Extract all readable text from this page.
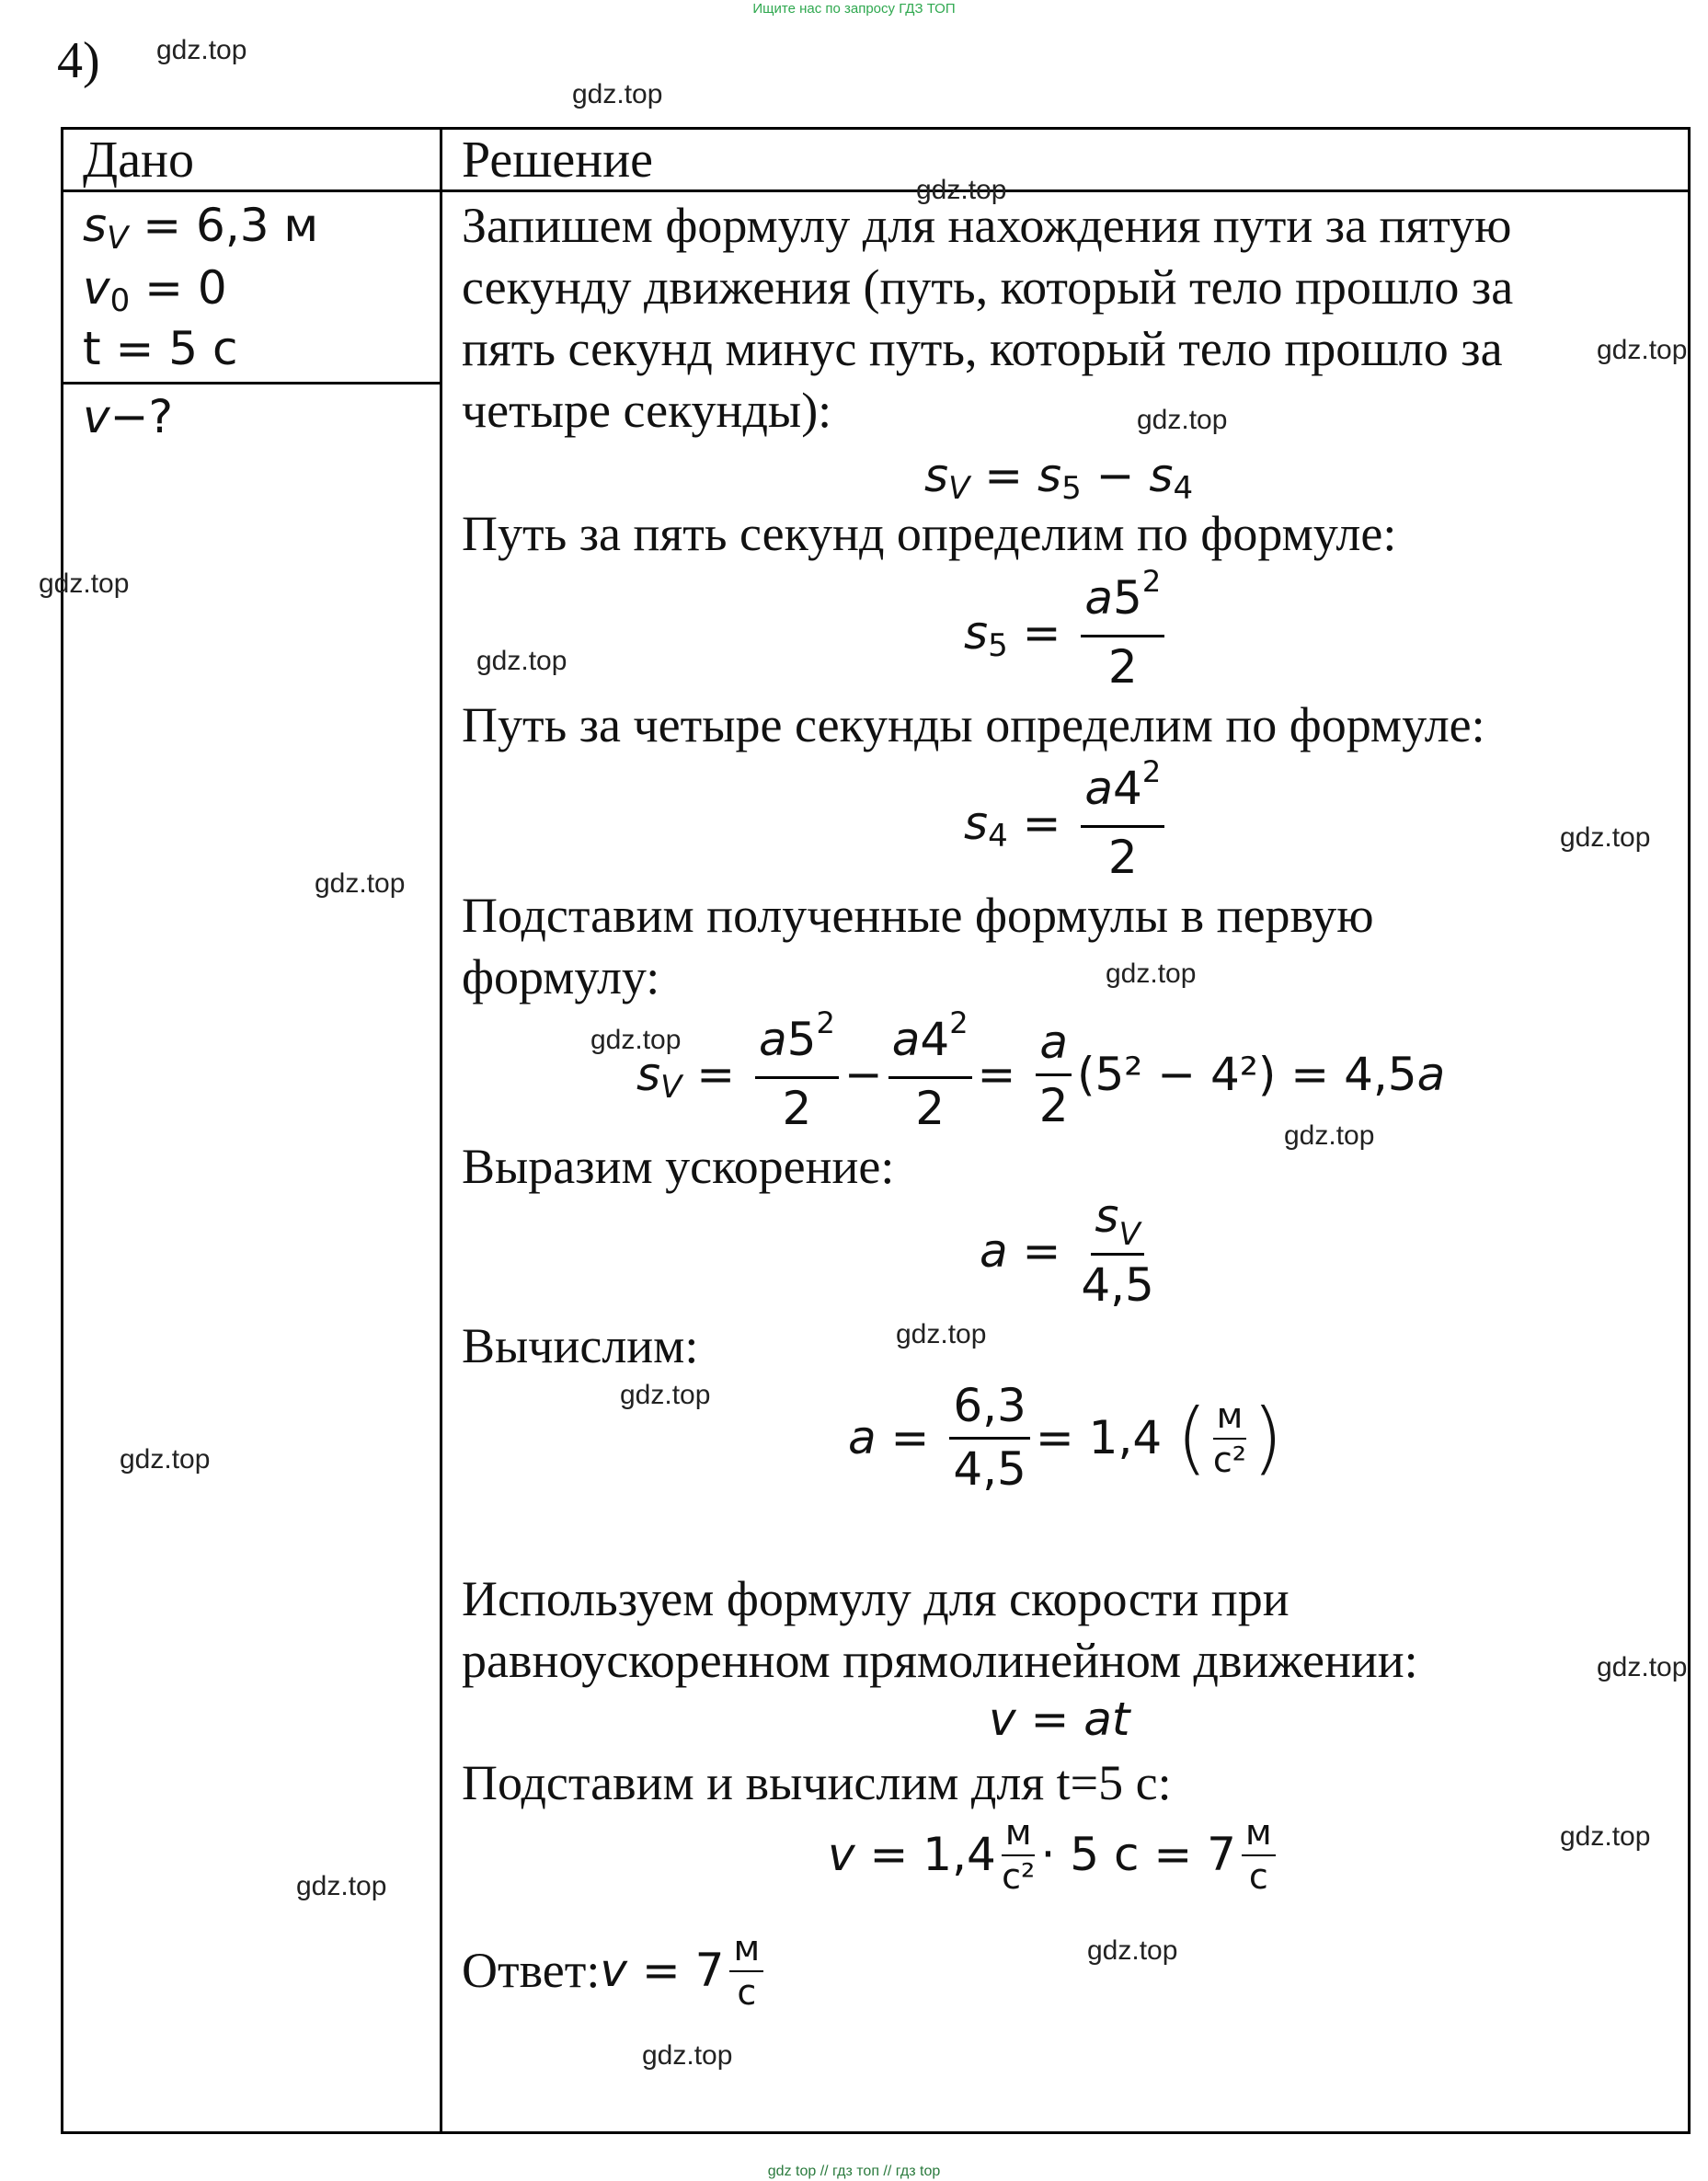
Ищите нас по запросу ГДЗ ТОП
4)
Дано	Решение
s V
= 6,3 м
v 0
= 0
t = 5 с
v −?
Запишем формулу для нахождения пути за пятую
секунду движения (путь, который тело прошло за
пять секунд минус путь, который тело прошло за
четыре секунды):
s V = s 5 − s 4
Путь за пять секунд определим по формуле:
s $5 = \frac{a5^2}{2}$
Путь за четыре секунды определим по формуле:
s $4 = \frac{a4^2}{2}$
Подставим полученные формулы в первую
формулу:
s $V = \frac{a5^2}{2} - \frac{a4^2}{2} = \frac{a}{2} (5^2 - 4^2) = 4,5$ a
Выразим ускорение:
$a = \frac{s_V}{4,5}$
Вычислим:
$a = \frac{6,3}{4,5} = 1,4$
( $\frac{м}{\text{с²}}$ )
Используем формулу для скорости при
равноускоренном прямолинейном движении:
v = at
Подставим и вычислим для t=5 с:
v
= $1,4 \frac{м}{\text{с²}} \cdot 5$ $с = 7 \frac{м}{с}$
Ответ: $v = 7 \frac{м}{с}$
gdz.top
gdz.top
gdz.top
gdz.top
gdz.top
gdz.top
gdz.top
gdz.top
gdz.top
gdz.top
gdz.top
gdz.top
gdz.top
gdz.top
gdz.top
gdz.top
gdz.top
gdz.top
gdz.top
gdz.top
gdz top // гдз топ // гдз top
